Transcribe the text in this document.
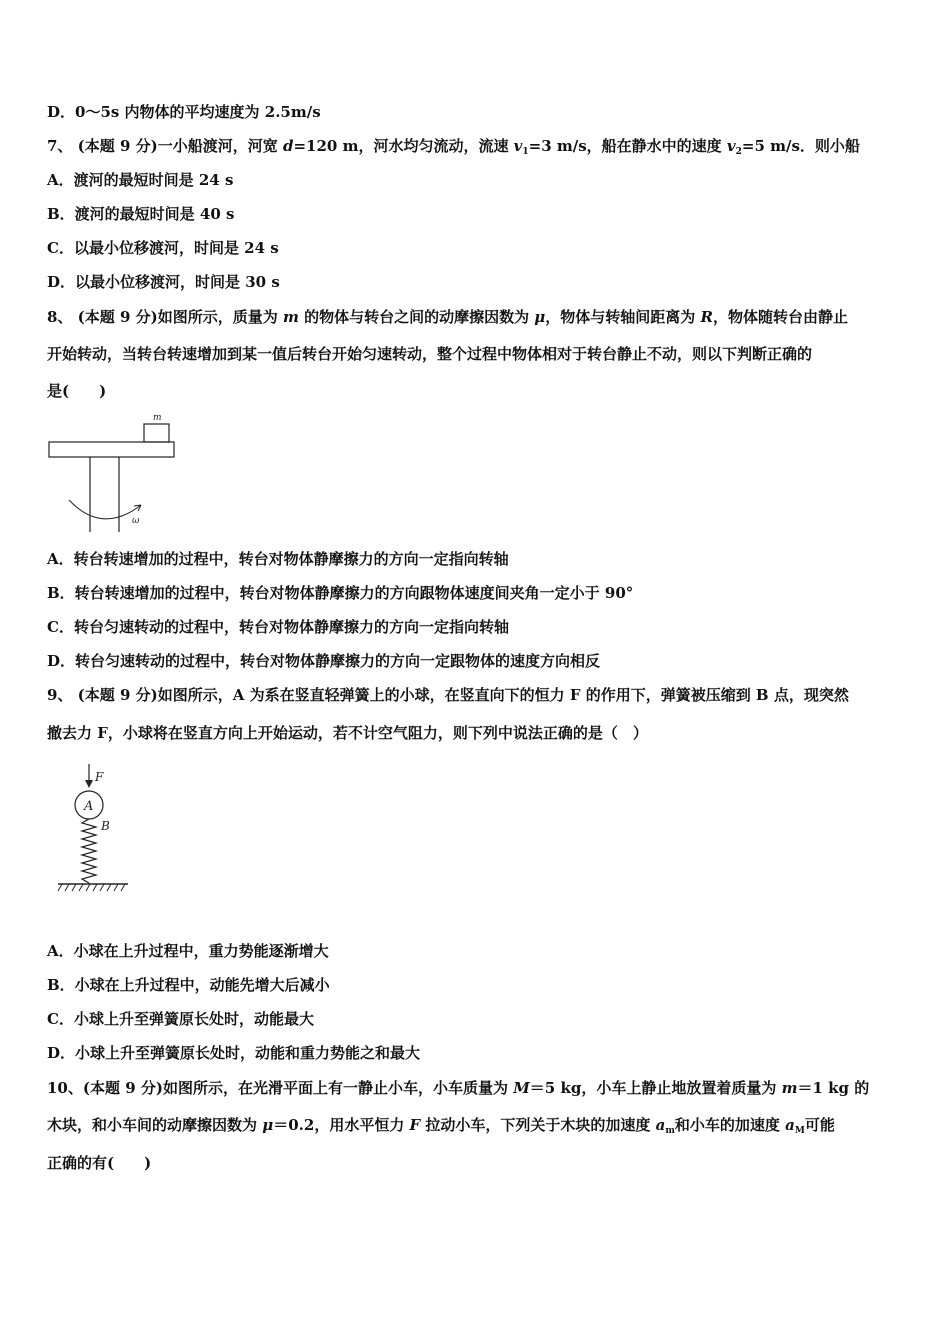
D．0～5s 内物体的平均速度为 2.5m/s
7、 (本题 9 分)一小船渡河，河宽 d=120 m，河水均匀流动，流速 $v_1=3$ m/s，船在静水中的速度 $v_2=5$ m/s．则小船
A．渡河的最短时间是 24 s
B．渡河的最短时间是 40 s
C．以最小位移渡河，时间是 24 s
D．以最小位移渡河，时间是 30 s
8、 (本题 9 分)如图所示，质量为 m 的物体与转台之间的动摩擦因数为 μ，物体与转轴间距离为 R，物体随转台由静止
开始转动，当转台转速增加到某一值后转台开始匀速转动，整个过程中物体相对于转台静止不动，则以下判断正确的
是(　　)
m
ω
A．转台转速增加的过程中，转台对物体静摩擦力的方向一定指向转轴
B．转台转速增加的过程中，转台对物体静摩擦力的方向跟物体速度间夹角一定小于 90°
C．转台匀速转动的过程中，转台对物体静摩擦力的方向一定指向转轴
D．转台匀速转动的过程中，转台对物体静摩擦力的方向一定跟物体的速度方向相反
9、 (本题 9 分)如图所示，A 为系在竖直轻弹簧上的小球，在竖直向下的恒力 F 的作用下，弹簧被压缩到 B 点，现突然
撤去力 F，小球将在竖直方向上开始运动，若不计空气阻力，则下列中说法正确的是（　）
F
A
B
A．小球在上升过程中，重力势能逐渐增大
B．小球在上升过程中，动能先增大后减小
C．小球上升至弹簧原长处时，动能最大
D．小球上升至弹簧原长处时，动能和重力势能之和最大
10、(本题 9 分)如图所示，在光滑平面上有一静止小车，小车质量为 M＝5 kg，小车上静止地放置着质量为 m＝1 kg 的
木块，和小车间的动摩擦因数为 μ＝0.2，用水平恒力 F 拉动小车，下列关于木块的加速度 $a_m$和小车的加速度 $a_M$可能
正确的有(　　)
